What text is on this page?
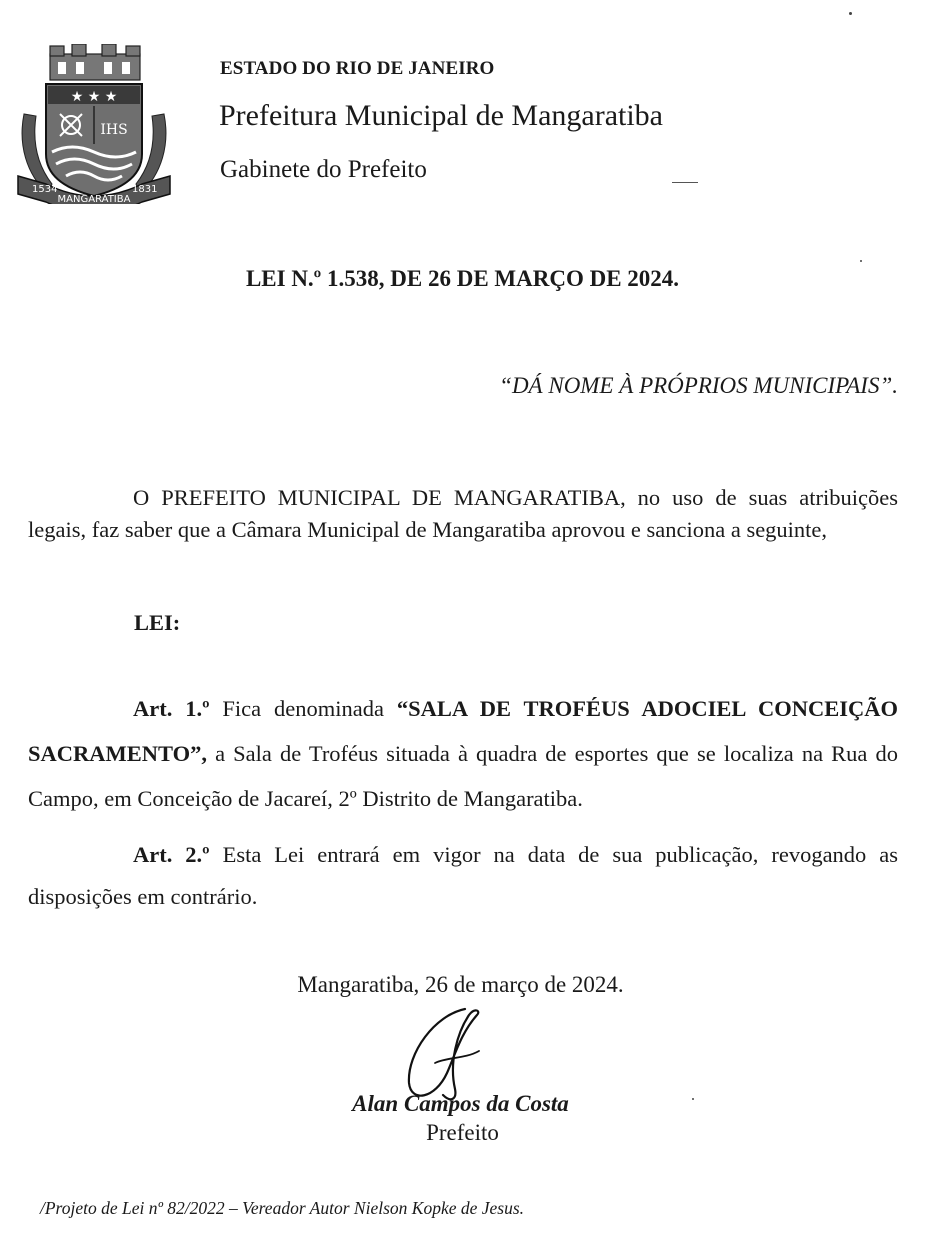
★ ★ ★
IHS
1534
MANGARATIBA
1831
ESTADO DO RIO DE JANEIRO
Prefeitura Municipal de Mangaratiba
Gabinete do Prefeito
LEI N.º 1.538, DE 26 DE MARÇO DE 2024.
“DÁ NOME À PRÓPRIOS MUNICIPAIS”.
O PREFEITO MUNICIPAL DE MANGARATIBA, no uso de suas atribuições legais, faz saber que a Câmara Municipal de Mangaratiba aprovou e sanciona a seguinte,
LEI:
Art. 1.º Fica denominada “SALA DE TROFÉUS ADOCIEL CONCEIÇÃO SACRAMENTO”, a Sala de Troféus situada à quadra de esportes que se localiza na Rua do Campo, em Conceição de Jacareí, 2º Distrito de Mangaratiba.
Art. 2.º Esta Lei entrará em vigor na data de sua publicação, revogando as disposições em contrário.
Mangaratiba, 26 de março de 2024.
Alan Campos da Costa
Prefeito
/Projeto de Lei nº 82/2022 – Vereador Autor Nielson Kopke de Jesus.
